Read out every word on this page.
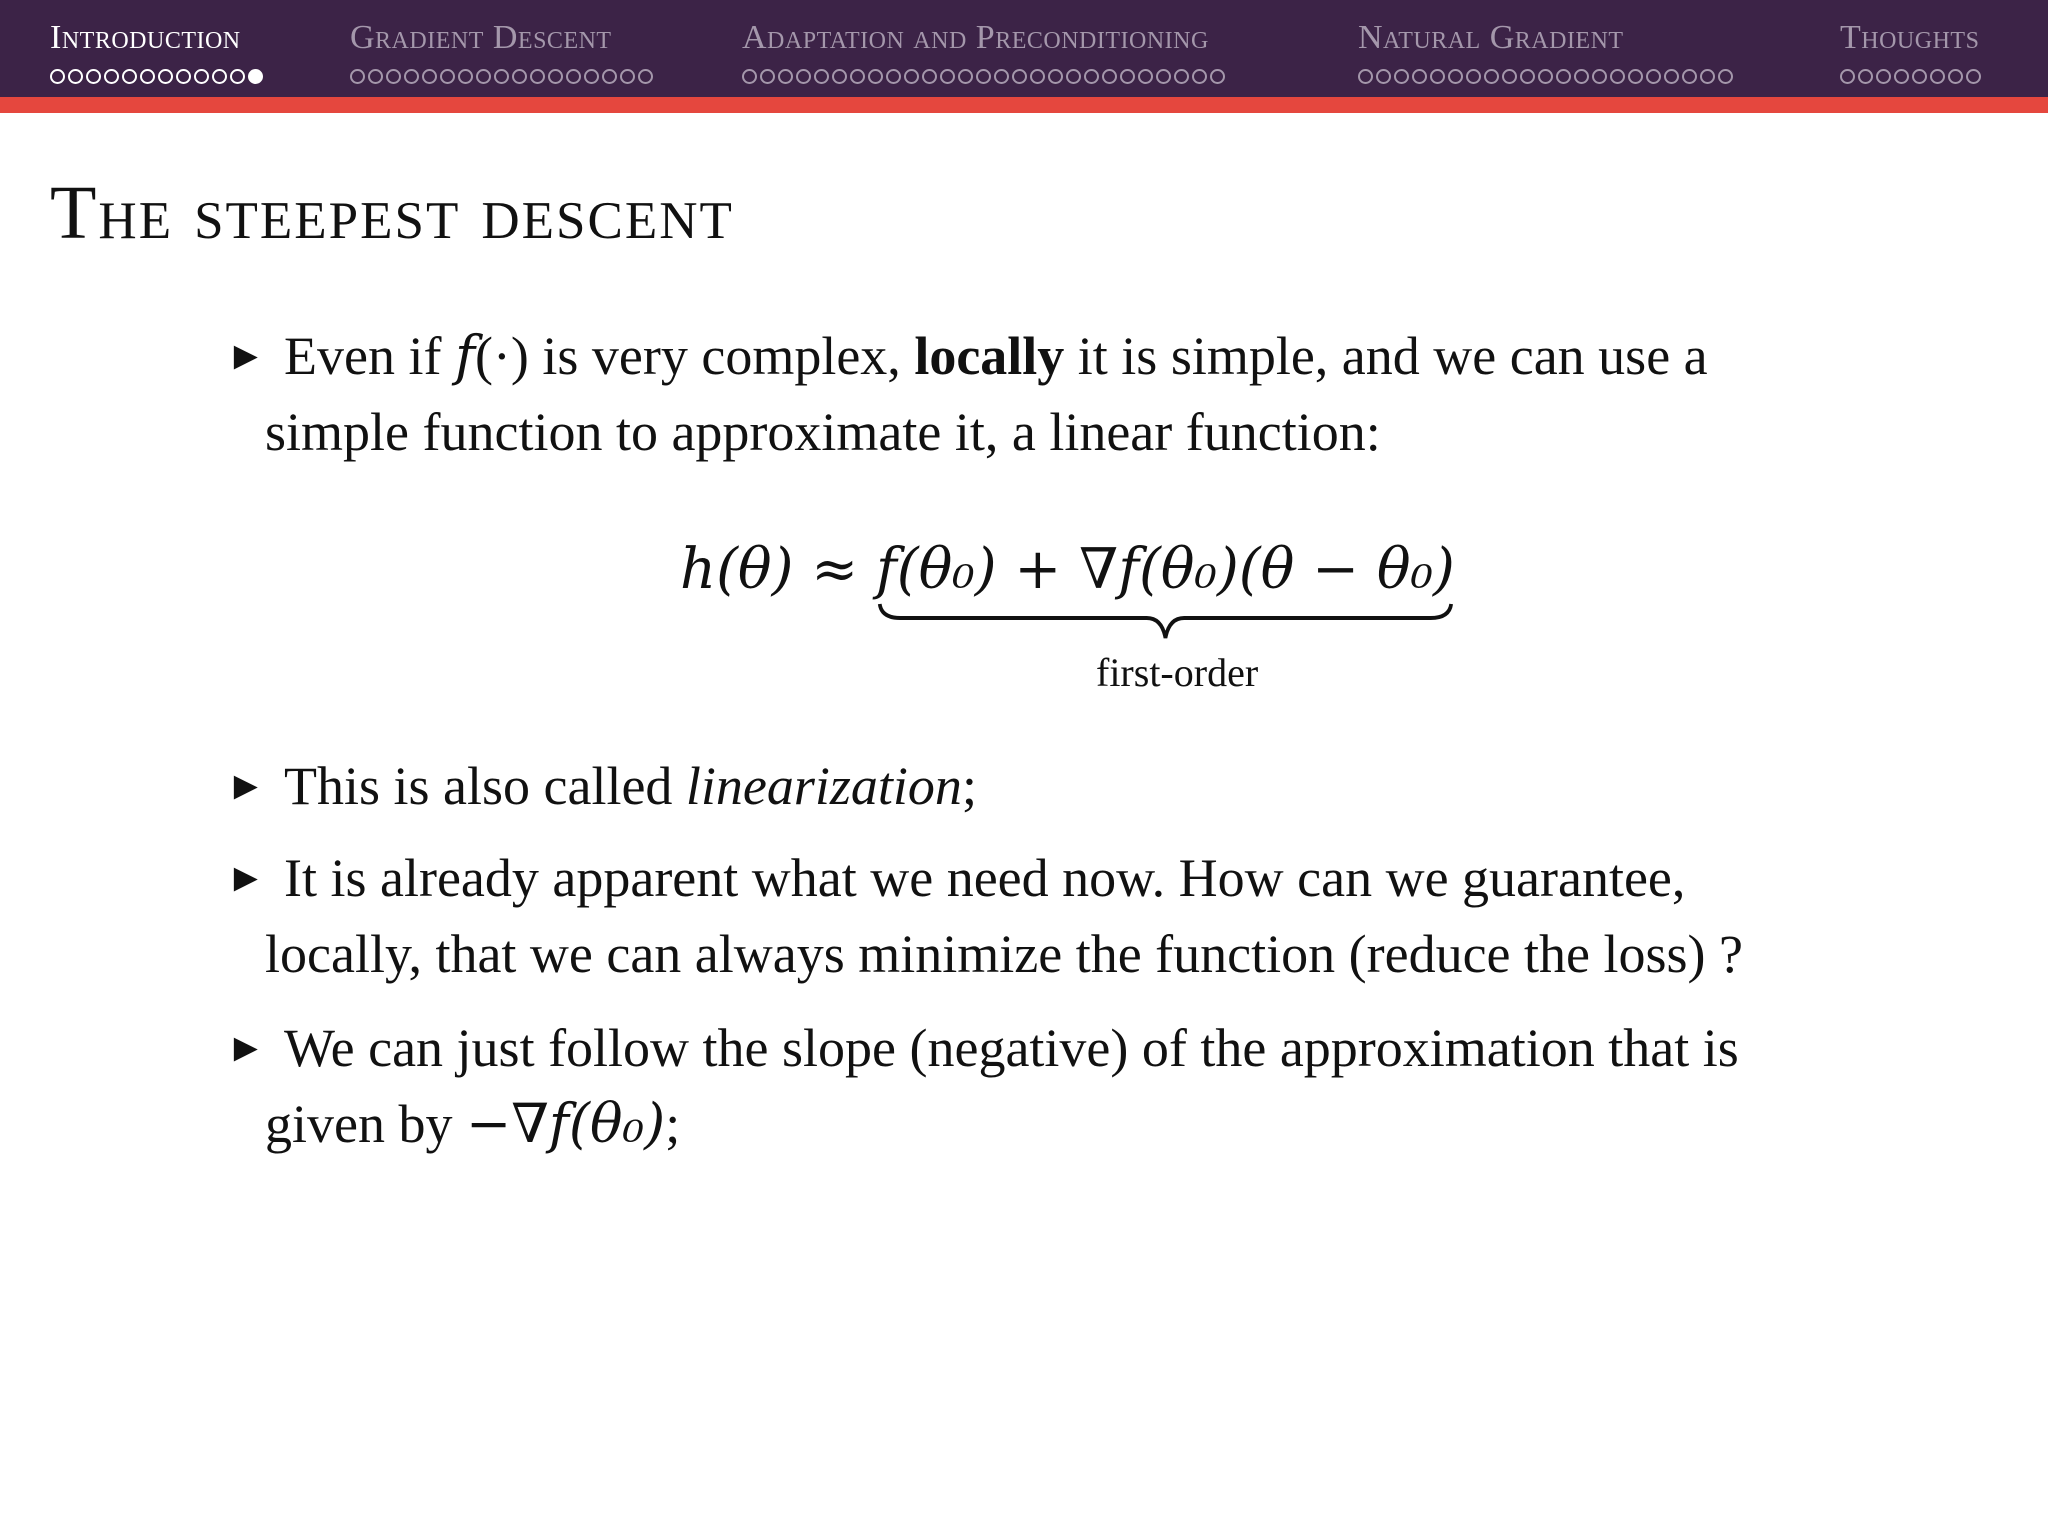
Introduction	Gradient Descent	Adaptation and Preconditioning	Natural Gradient	Thoughts
The steepest descent
► Even if f(·) is very complex, locally it is simple, and we can use a
simple function to approximate it, a linear function:
h(θ) ≈ f(θ₀) + ∇f(θ₀)(θ − θ₀)
first-order
► This is also called linearization;
► It is already apparent what we need now. How can we guarantee,
locally, that we can always minimize the function (reduce the loss) ?
► We can just follow the slope (negative) of the approximation that is
given by −∇f(θ₀);
